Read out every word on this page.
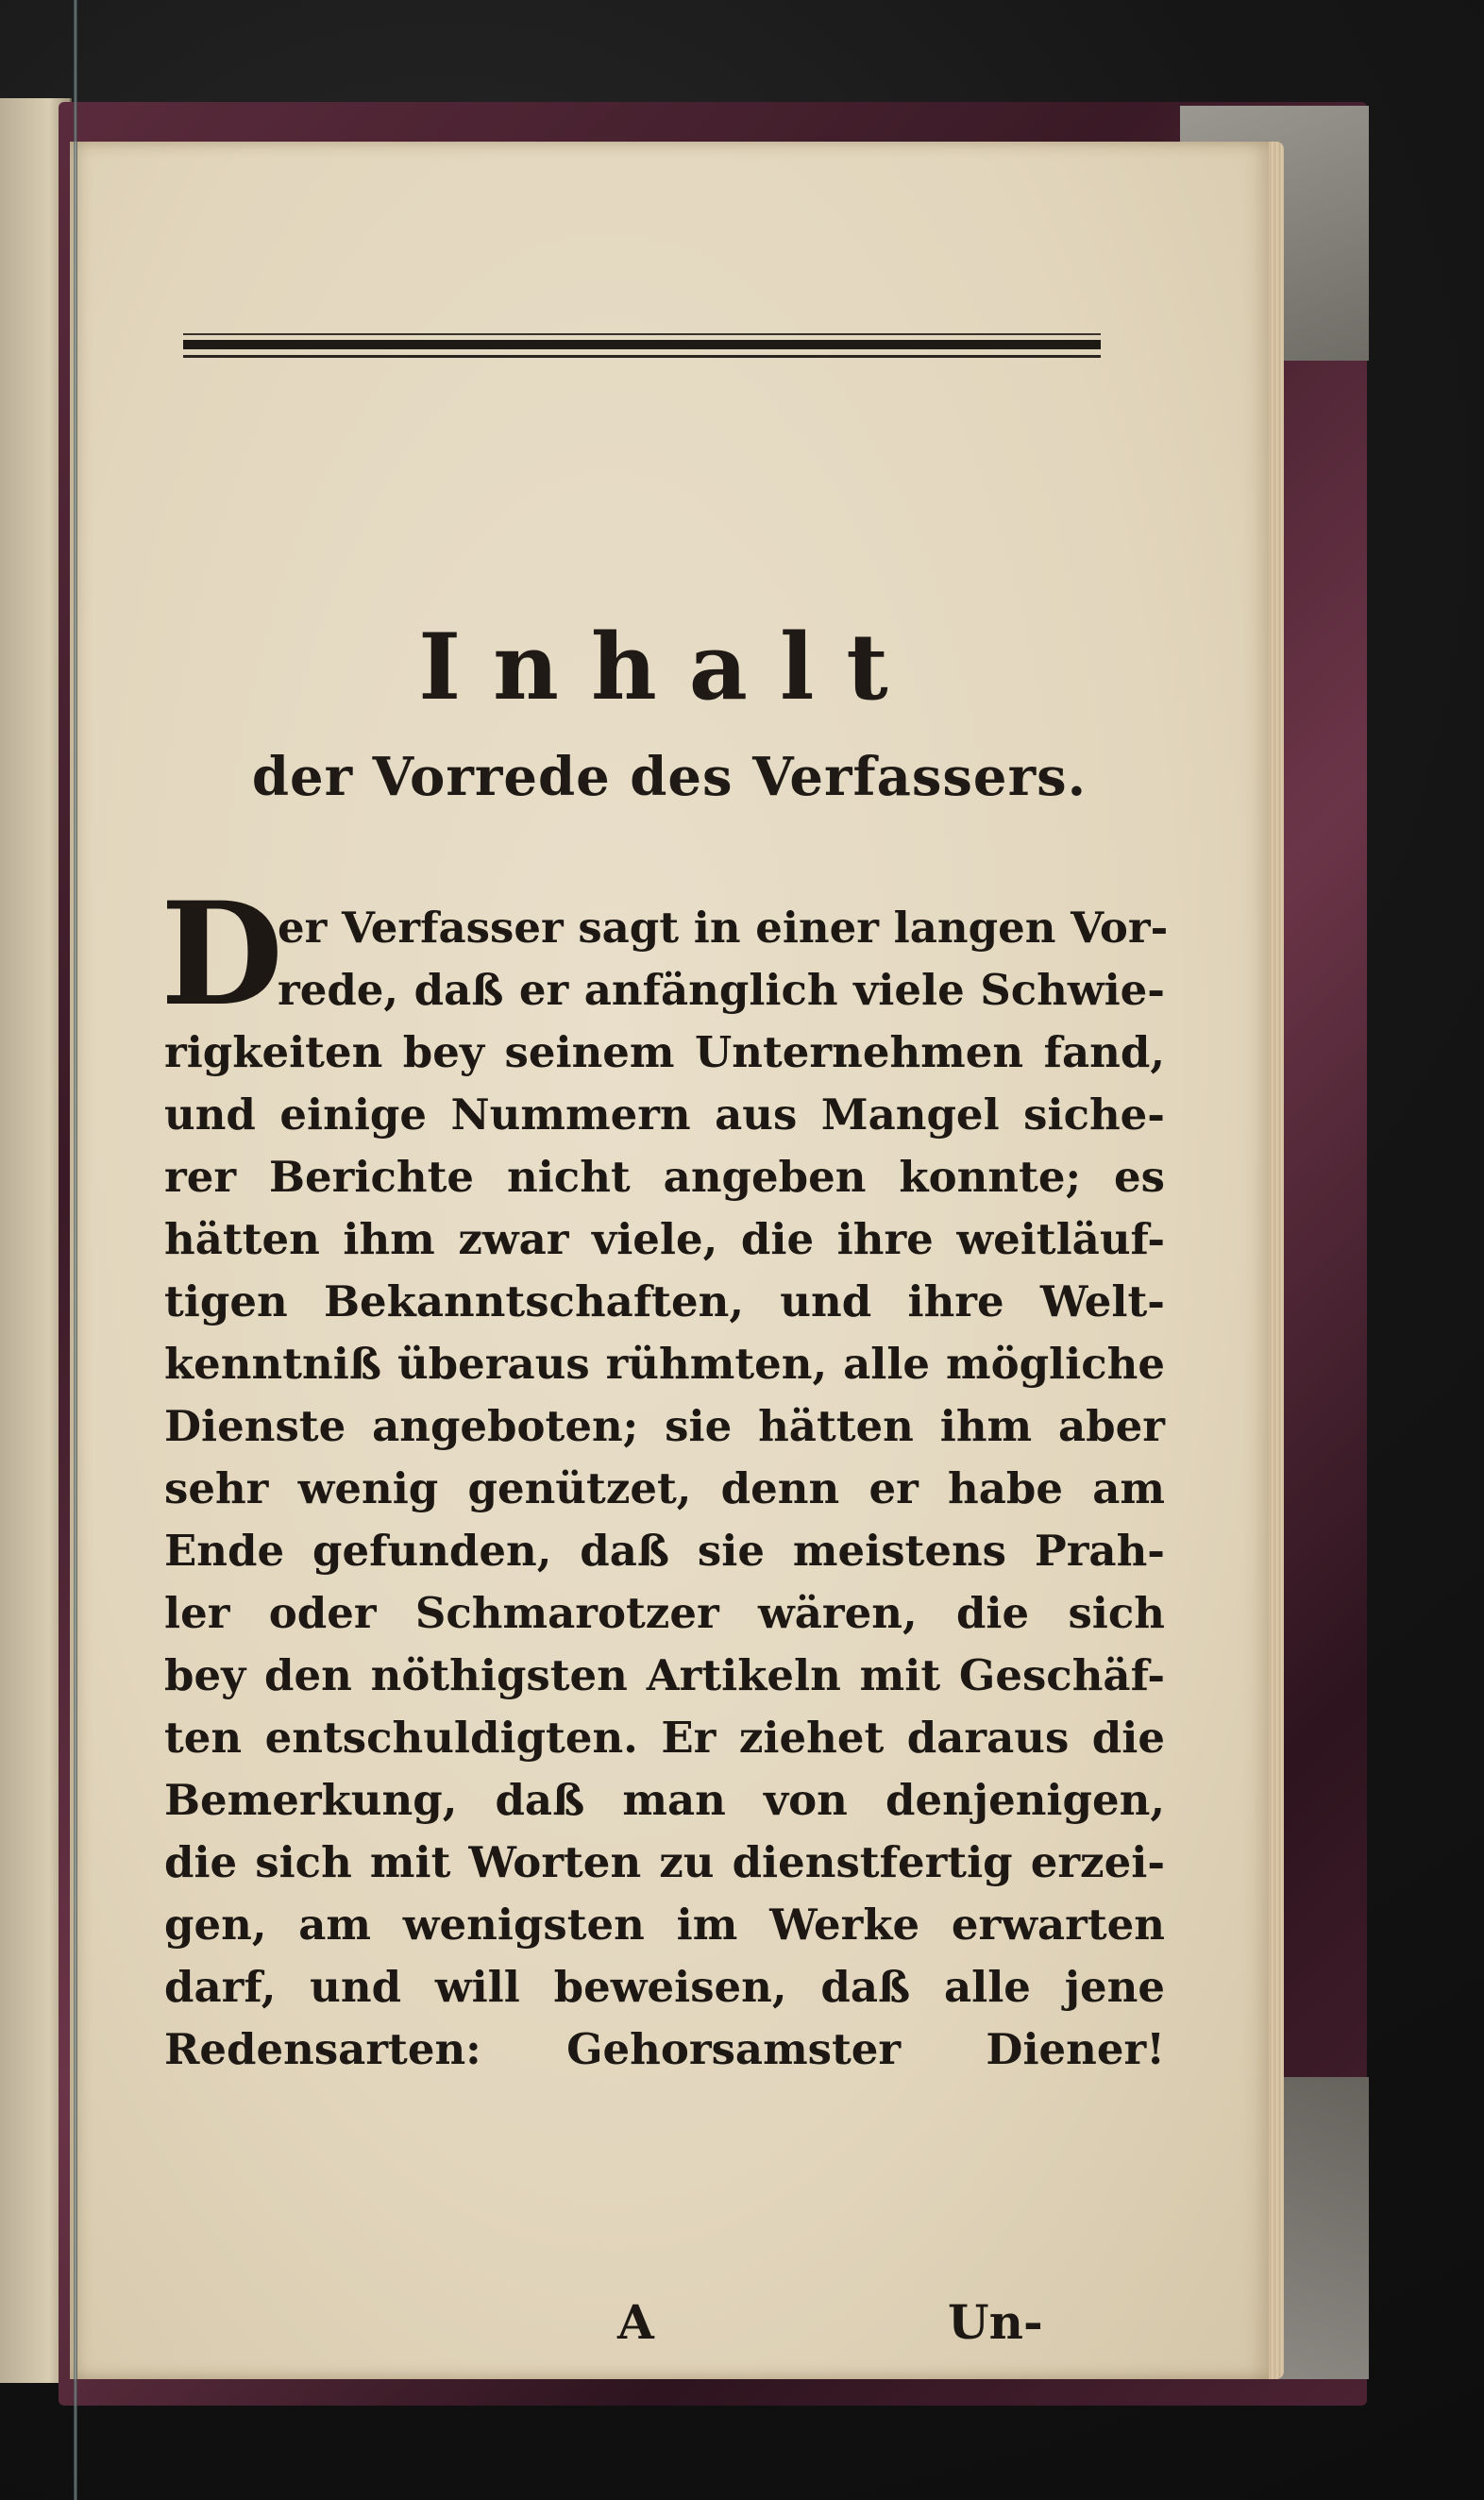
Inhalt
der Vorrede des Verfassers.
D
er Verfasser sagt in einer langen Vor-
rede, daß er anfänglich viele Schwie-
rigkeiten bey seinem Unternehmen fand,
und einige Nummern aus Mangel siche-
rer Berichte nicht angeben konnte; es
hätten ihm zwar viele, die ihre weitläuf-
tigen Bekanntschaften, und ihre Welt-
kenntniß überaus rühmten, alle mögliche
Dienste angeboten; sie hätten ihm aber
sehr wenig genützet, denn er habe am
Ende gefunden, daß sie meistens Prah-
ler oder Schmarotzer wären, die sich
bey den nöthigsten Artikeln mit Geschäf-
ten entschuldigten. Er ziehet daraus die
Bemerkung, daß man von denjenigen,
die sich mit Worten zu dienstfertig erzei-
gen, am wenigsten im Werke erwarten
darf, und will beweisen, daß alle jene
Redensarten: Gehorsamster Diener!
A	Un-
